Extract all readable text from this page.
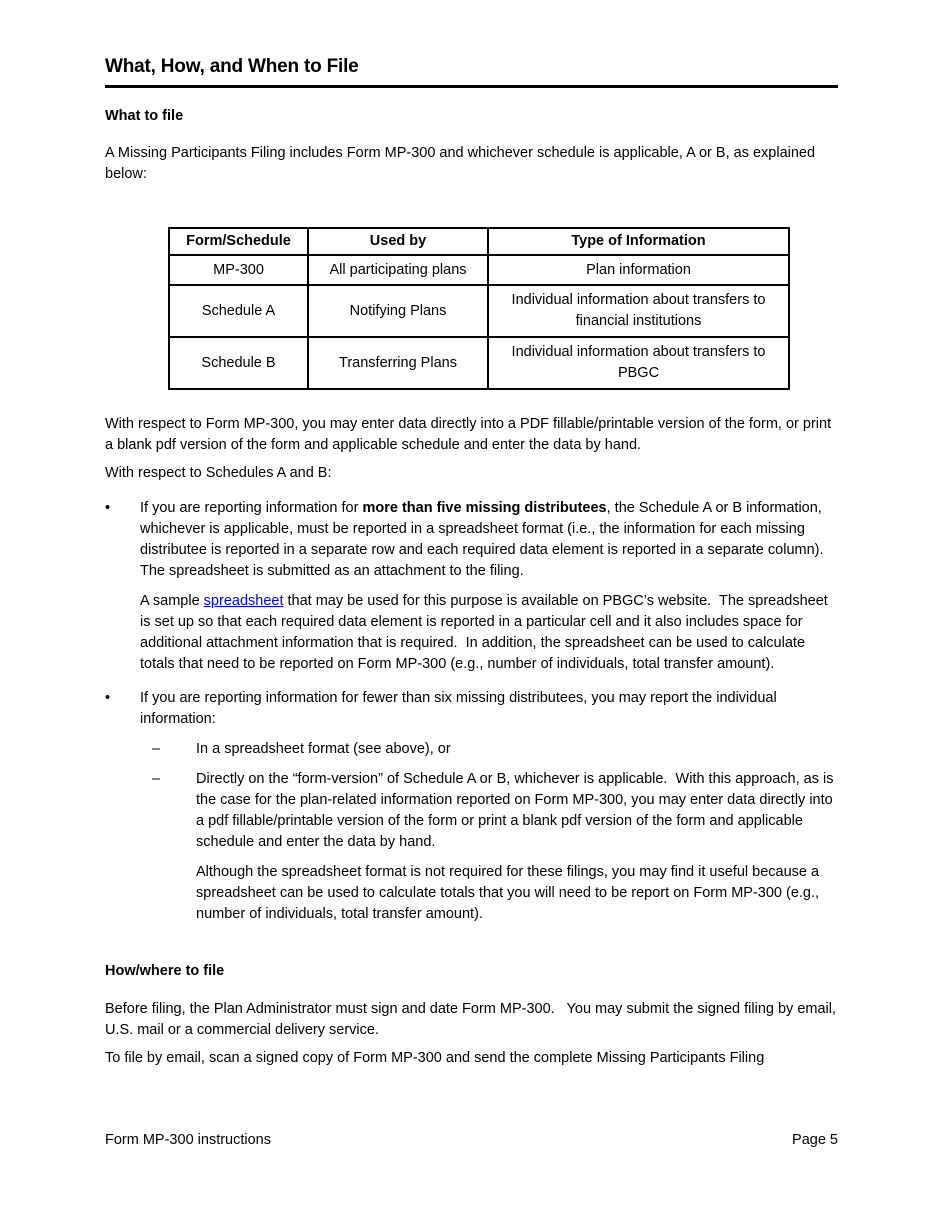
What, How, and When to File
What to file

A Missing Participants Filing includes Form MP-300 and whichever schedule is applicable, A or B, as explained below:

Form/Schedule	Used by	Type of Information
MP-300	All participating plans	Plan information
Schedule A	Notifying Plans	Individual information about transfers to financial institutions
Schedule B	Transferring Plans	Individual information about transfers to PBGC

With respect to Form MP-300, you may enter data directly into a PDF fillable/printable version of the form, or print a blank pdf version of the form and applicable schedule and enter the data by hand.

With respect to Schedules A and B:

•	If you are reporting information for more than five missing distributees, the Schedule A or B information, whichever is applicable, must be reported in a spreadsheet format (i.e., the information for each missing distributee is reported in a separate row and each required data element is reported in a separate column).  The spreadsheet is submitted as an attachment to the filing.

A sample spreadsheet that may be used for this purpose is available on PBGC’s website.  The spreadsheet is set up so that each required data element is reported in a particular cell and it also includes space for additional attachment information that is required.  In addition, the spreadsheet can be used to calculate totals that need to be reported on Form MP-300 (e.g., number of individuals, total transfer amount).

•	If you are reporting information for fewer than six missing distributees, you may report the individual information:
–	In a spreadsheet format (see above), or
–	Directly on the “form-version” of Schedule A or B, whichever is applicable.  With this approach, as is the case for the plan-related information reported on Form MP-300, you may enter data directly into a pdf fillable/printable version of the form or print a blank pdf version of the form and applicable schedule and enter the data by hand.

Although the spreadsheet format is not required for these filings, you may find it useful because a spreadsheet can be used to calculate totals that you will need to be report on Form MP-300 (e.g., number of individuals, total transfer amount).

How/where to file

Before filing, the Plan Administrator must sign and date Form MP-300.   You may submit the signed filing by email, U.S. mail or a commercial delivery service.

To file by email, scan a signed copy of Form MP-300 and send the complete Missing Participants Filing

Form MP-300 instructions	Page 5
